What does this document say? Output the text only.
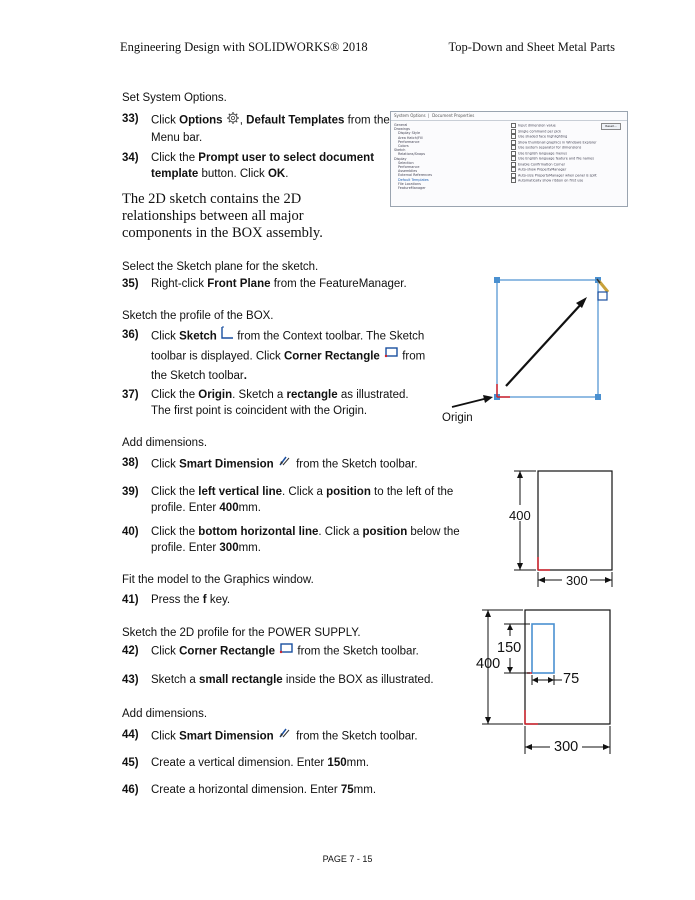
Engineering Design with SOLIDWORKS® 2018	Top-Down and Sheet Metal Parts
Set System Options.
33) Click Options , Default Templates from the Menu bar.
34) Click the Prompt user to select document template button. Click OK.
The 2D sketch contains the 2D relationships between all major components in the BOX assembly.
System Options  |  Document Properties
General
Drawings
Display Style
Area Hatch/Fill
Performance
Colors
Sketch
Relations/Snaps
Display
Selection
Performance
Assemblies
External References
Default Templates
File Locations
FeatureManager
Input dimension value
Single command per pick
Use shaded face highlighting
Show thumbnail graphics in Windows Explorer
Use system separator for dimensions
Use English language menus
Use English language feature and file names
Enable Confirmation Corner
Auto-show PropertyManager
Auto-size PropertyManager when panel is split
Automatically show ribbon on first use
Reset...
Select the Sketch plane for the sketch.
35) Right-click Front Plane from the FeatureManager.
Sketch the profile of the BOX.
36) Click Sketch  from the Context toolbar. The Sketch toolbar is displayed. Click Corner Rectangle  from the Sketch toolbar.
37) Click the Origin. Sketch a rectangle as illustrated. The first point is coincident with the Origin.
Origin
Add dimensions.
38) Click Smart Dimension  from the Sketch toolbar.
39) Click the left vertical line. Click a position to the left of the profile. Enter 400mm.
40) Click the bottom horizontal line. Click a position below the profile. Enter 300mm.
400
300
Fit the model to the Graphics window.
41) Press the f key.
Sketch the 2D profile for the POWER SUPPLY.
42) Click Corner Rectangle  from the Sketch toolbar.
43) Sketch a small rectangle inside the BOX as illustrated.
Add dimensions.
44) Click Smart Dimension  from the Sketch toolbar.
45) Create a vertical dimension. Enter 150mm.
46) Create a horizontal dimension. Enter 75mm.
150
400
75
300
PAGE 7 - 15
